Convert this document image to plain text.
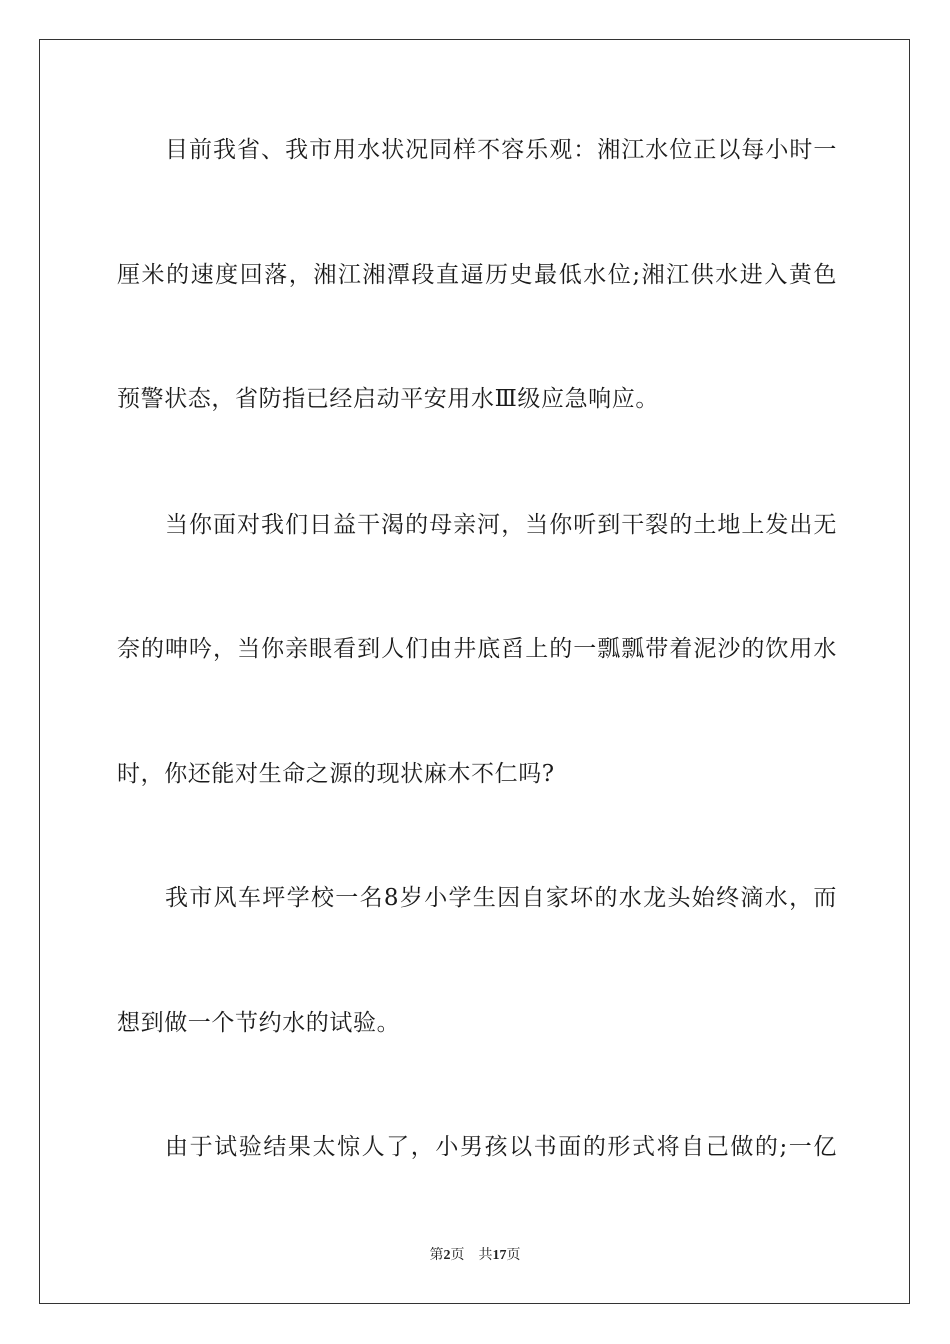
目前我省、我市用水状况同样不容乐观：湘江水位正以每小时一
厘米的速度回落，湘江湘潭段直逼历史最低水位;湘江供水进入黄色
预警状态，省防指已经启动平安用水Ⅲ级应急响应。
当你面对我们日益干渴的母亲河，当你听到干裂的土地上发出无
奈的呻吟，当你亲眼看到人们由井底舀上的一瓢瓢带着泥沙的饮用水
时，你还能对生命之源的现状麻木不仁吗?
我市风车坪学校一名8岁小学生因自家坏的水龙头始终滴水，而
想到做一个节约水的试验。
由于试验结果太惊人了，小男孩以书面的形式将自己做的;一亿
第2页 共17页
